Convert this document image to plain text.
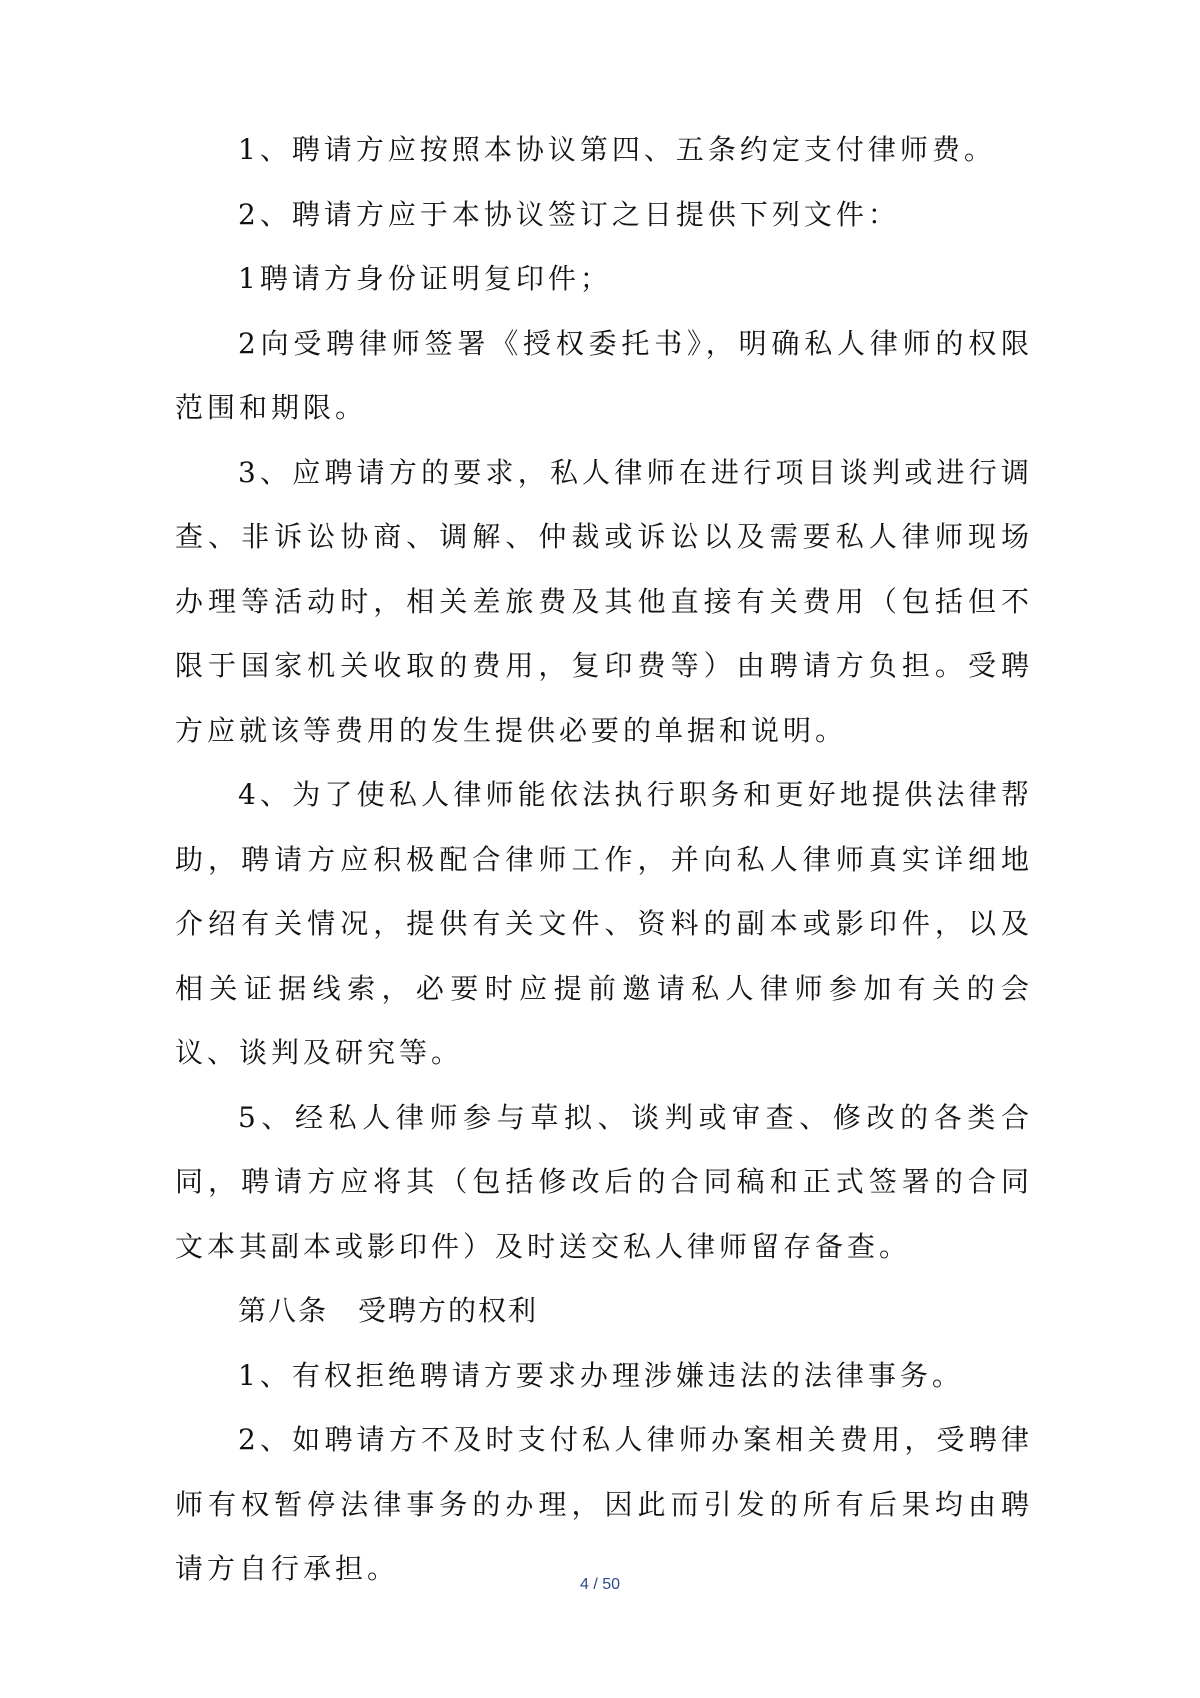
1、聘请方应按照本协议第四、五条约定支付律师费。

2、聘请方应于本协议签订之日提供下列文件：

1聘请方身份证明复印件；

2向受聘律师签署《授权委托书》，明确私人律师的权限范围和期限。

3、应聘请方的要求，私人律师在进行项目谈判或进行调查、非诉讼协商、调解、仲裁或诉讼以及需要私人律师现场办理等活动时，相关差旅费及其他直接有关费用（包括但不限于国家机关收取的费用，复印费等）由聘请方负担。受聘方应就该等费用的发生提供必要的单据和说明。

4、为了使私人律师能依法执行职务和更好地提供法律帮助，聘请方应积极配合律师工作，并向私人律师真实详细地介绍有关情况，提供有关文件、资料的副本或影印件，以及相关证据线索，必要时应提前邀请私人律师参加有关的会议、谈判及研究等。

5、经私人律师参与草拟、谈判或审查、修改的各类合同，聘请方应将其（包括修改后的合同稿和正式签署的合同文本其副本或影印件）及时送交私人律师留存备查。

第八条　受聘方的权利

1、有权拒绝聘请方要求办理涉嫌违法的法律事务。

2、如聘请方不及时支付私人律师办案相关费用，受聘律师有权暂停法律事务的办理，因此而引发的所有后果均由聘请方自行承担。	4 / 50
